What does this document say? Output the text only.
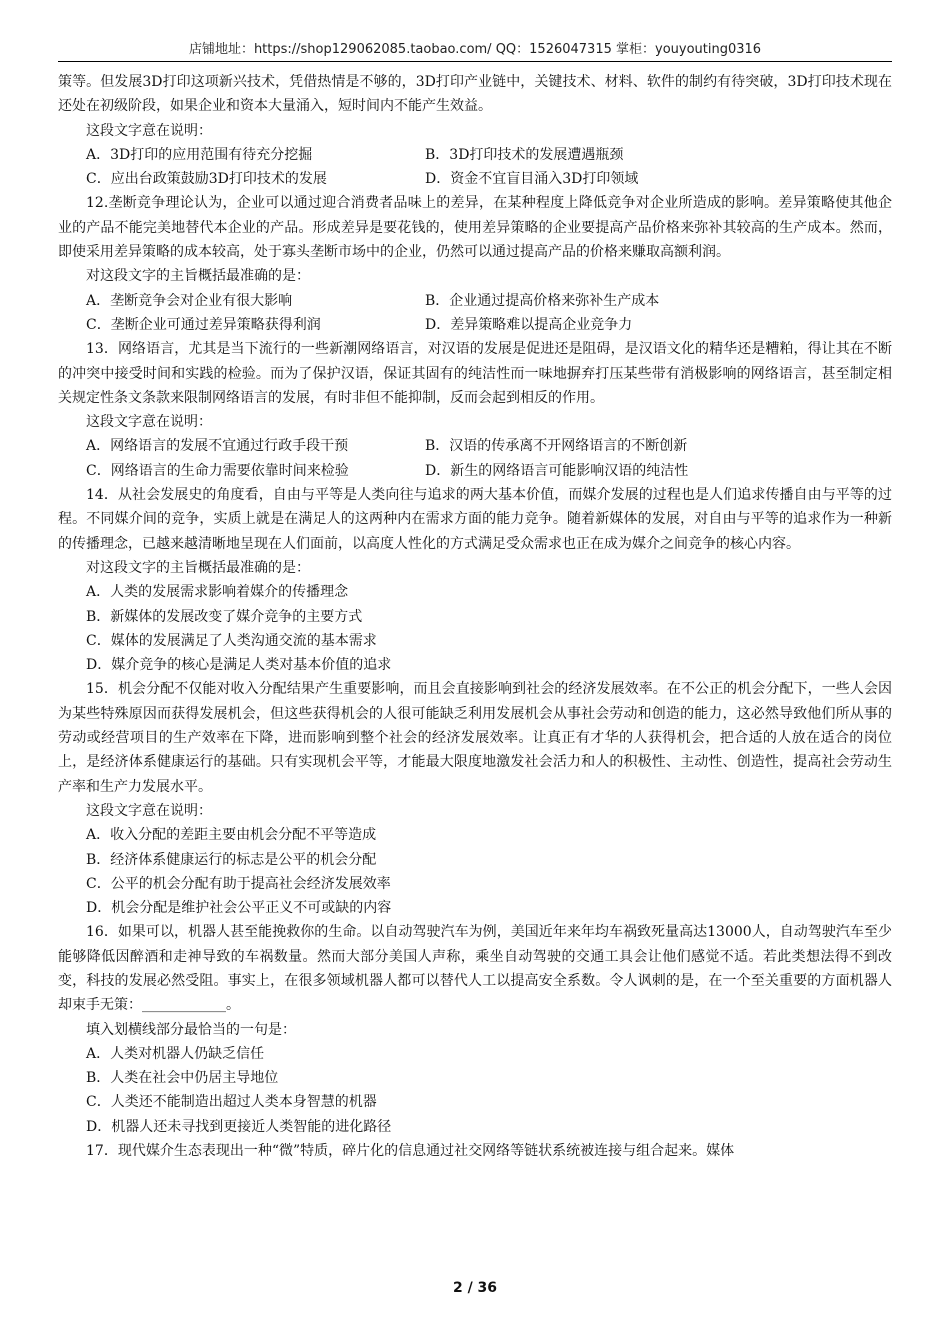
店铺地址：https://shop129062085.taobao.com/ QQ：1526047315 掌柜：youyouting0316

策等。但发展3D打印这项新兴技术，凭借热情是不够的，3D打印产业链中，关键技术、材料、软件的制约有待突破，3D打印技术现在还处在初级阶段，如果企业和资本大量涌入，短时间内不能产生效益。

这段文字意在说明：

A．3D打印的应用范围有待充分挖掘	B．3D打印技术的发展遭遇瓶颈

C．应出台政策鼓励3D打印技术的发展	D．资金不宜盲目涌入3D打印领域

12.垄断竞争理论认为，企业可以通过迎合消费者品味上的差异，在某种程度上降低竞争对企业所造成的影响。差异策略使其他企业的产品不能完美地替代本企业的产品。形成差异是要花钱的，使用差异策略的企业要提高产品价格来弥补其较高的生产成本。然而，即使采用差异策略的成本较高，处于寡头垄断市场中的企业，仍然可以通过提高产品的价格来赚取高额利润。

对这段文字的主旨概括最准确的是：

A．垄断竞争会对企业有很大影响	B．企业通过提高价格来弥补生产成本

C．垄断企业可通过差异策略获得利润	D．差异策略难以提高企业竞争力

13．网络语言，尤其是当下流行的一些新潮网络语言，对汉语的发展是促进还是阻碍，是汉语文化的精华还是糟粕，得让其在不断的冲突中接受时间和实践的检验。而为了保护汉语，保证其固有的纯洁性而一味地摒弃打压某些带有消极影响的网络语言，甚至制定相关规定性条文条款来限制网络语言的发展，有时非但不能抑制，反而会起到相反的作用。

这段文字意在说明：

A．网络语言的发展不宜通过行政手段干预	B．汉语的传承离不开网络语言的不断创新

C．网络语言的生命力需要依靠时间来检验	D．新生的网络语言可能影响汉语的纯洁性

14．从社会发展史的角度看，自由与平等是人类向往与追求的两大基本价值，而媒介发展的过程也是人们追求传播自由与平等的过程。不同媒介间的竞争，实质上就是在满足人的这两种内在需求方面的能力竞争。随着新媒体的发展，对自由与平等的追求作为一种新的传播理念，已越来越清晰地呈现在人们面前，以高度人性化的方式满足受众需求也正在成为媒介之间竞争的核心内容。

对这段文字的主旨概括最准确的是：

A．人类的发展需求影响着媒介的传播理念

B．新媒体的发展改变了媒介竞争的主要方式

C．媒体的发展满足了人类沟通交流的基本需求

D．媒介竞争的核心是满足人类对基本价值的追求

15．机会分配不仅能对收入分配结果产生重要影响，而且会直接影响到社会的经济发展效率。在不公正的机会分配下，一些人会因为某些特殊原因而获得发展机会，但这些获得机会的人很可能缺乏利用发展机会从事社会劳动和创造的能力，这必然导致他们所从事的劳动或经营项目的生产效率在下降，进而影响到整个社会的经济发展效率。让真正有才华的人获得机会，把合适的人放在适合的岗位上，是经济体系健康运行的基础。只有实现机会平等，才能最大限度地激发社会活力和人的积极性、主动性、创造性，提高社会劳动生产率和生产力发展水平。

这段文字意在说明：

A．收入分配的差距主要由机会分配不平等造成

B．经济体系健康运行的标志是公平的机会分配

C．公平的机会分配有助于提高社会经济发展效率

D．机会分配是维护社会公平正义不可或缺的内容

16．如果可以，机器人甚至能挽救你的生命。以自动驾驶汽车为例，美国近年来年均车祸致死量高达13000人，自动驾驶汽车至少能够降低因醉酒和走神导致的车祸数量。然而大部分美国人声称，乘坐自动驾驶的交通工具会让他们感觉不适。若此类想法得不到改变，科技的发展必然受阻。事实上，在很多领域机器人都可以替代人工以提高安全系数。令人讽刺的是，在一个至关重要的方面机器人却束手无策：____________。

填入划横线部分最恰当的一句是：

A．人类对机器人仍缺乏信任

B．人类在社会中仍居主导地位

C．人类还不能制造出超过人类本身智慧的机器

D．机器人还未寻找到更接近人类智能的进化路径

17．现代媒介生态表现出一种“微”特质，碎片化的信息通过社交网络等链状系统被连接与组合起来。媒体

2 / 36
